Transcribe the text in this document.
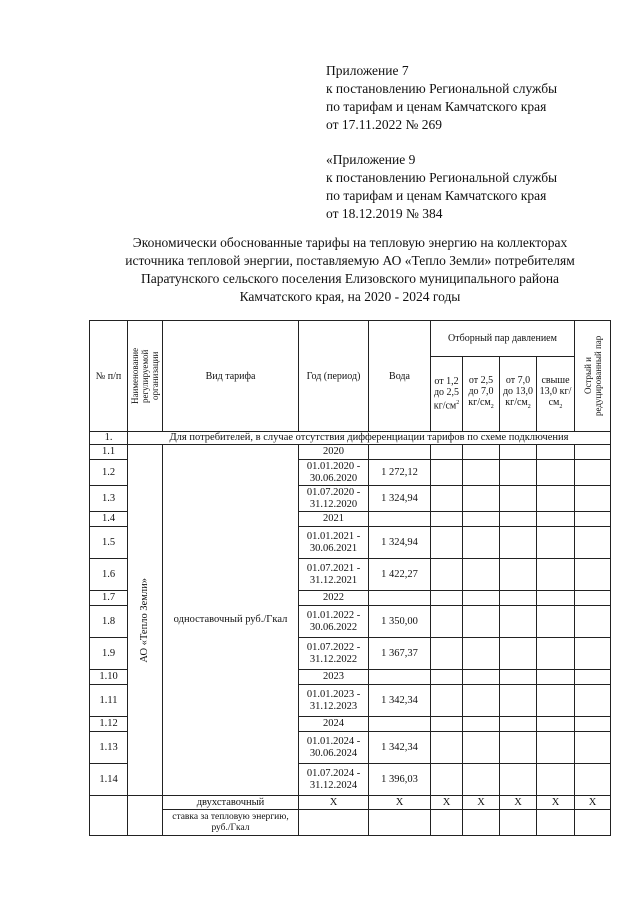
Приложение 7
к постановлению Региональной службы
по тарифам и ценам Камчатского края
от 17.11.2022 № 269
«Приложение 9
к постановлению Региональной службы
по тарифам и ценам Камчатского края
от 18.12.2019 № 384
Экономически обоснованные тарифы на тепловую энергию на коллекторах
источника тепловой энергии, поставляемую АО «Тепло Земли» потребителям
Паратунского сельского поселения Елизовского муниципального района
Камчатского края, на 2020 - 2024 годы
№ п/п	Наименование регулируемой организации	Вид тарифа	Год (период)	Вода	Отборный пар давлением				Острый и редуцированный пар

					от 1,2 до 2,5 $кг/см^2$	от 2,5 до 7,0 $кг/см_2$	от 7,0 до 13,0 $кг/см_2$	свыше 13,0 $кг/см_2$
1.	Для потребителей, в случае отсутствия дифференциации тарифов по схеме подключения								
1.1	АО «Тепло Земли»	одноставочный руб./Гкал	2020						
1.2			01.01.2020 - 30.06.2020	1 272,12					
1.3			01.07.2020 - 31.12.2020	1 324,94					
1.4			2021						
1.5			01.01.2021 - 30.06.2021	1 324,94					
1.6			01.07.2021 - 31.12.2021	1 422,27					
1.7			2022						
1.8			01.01.2022 - 30.06.2022	1 350,00					
1.9			01.07.2022 - 31.12.2022	1 367,37					
1.10			2023						
1.11			01.01.2023 - 31.12.2023	1 342,34					
1.12			2024						
1.13			01.01.2024 - 30.06.2024	1 342,34					
1.14			01.07.2024 - 31.12.2024	1 396,03					
		двухставочный	Х	Х	Х	Х	Х	Х	Х
		ставка за тепловую энергию, руб./Гкал							
